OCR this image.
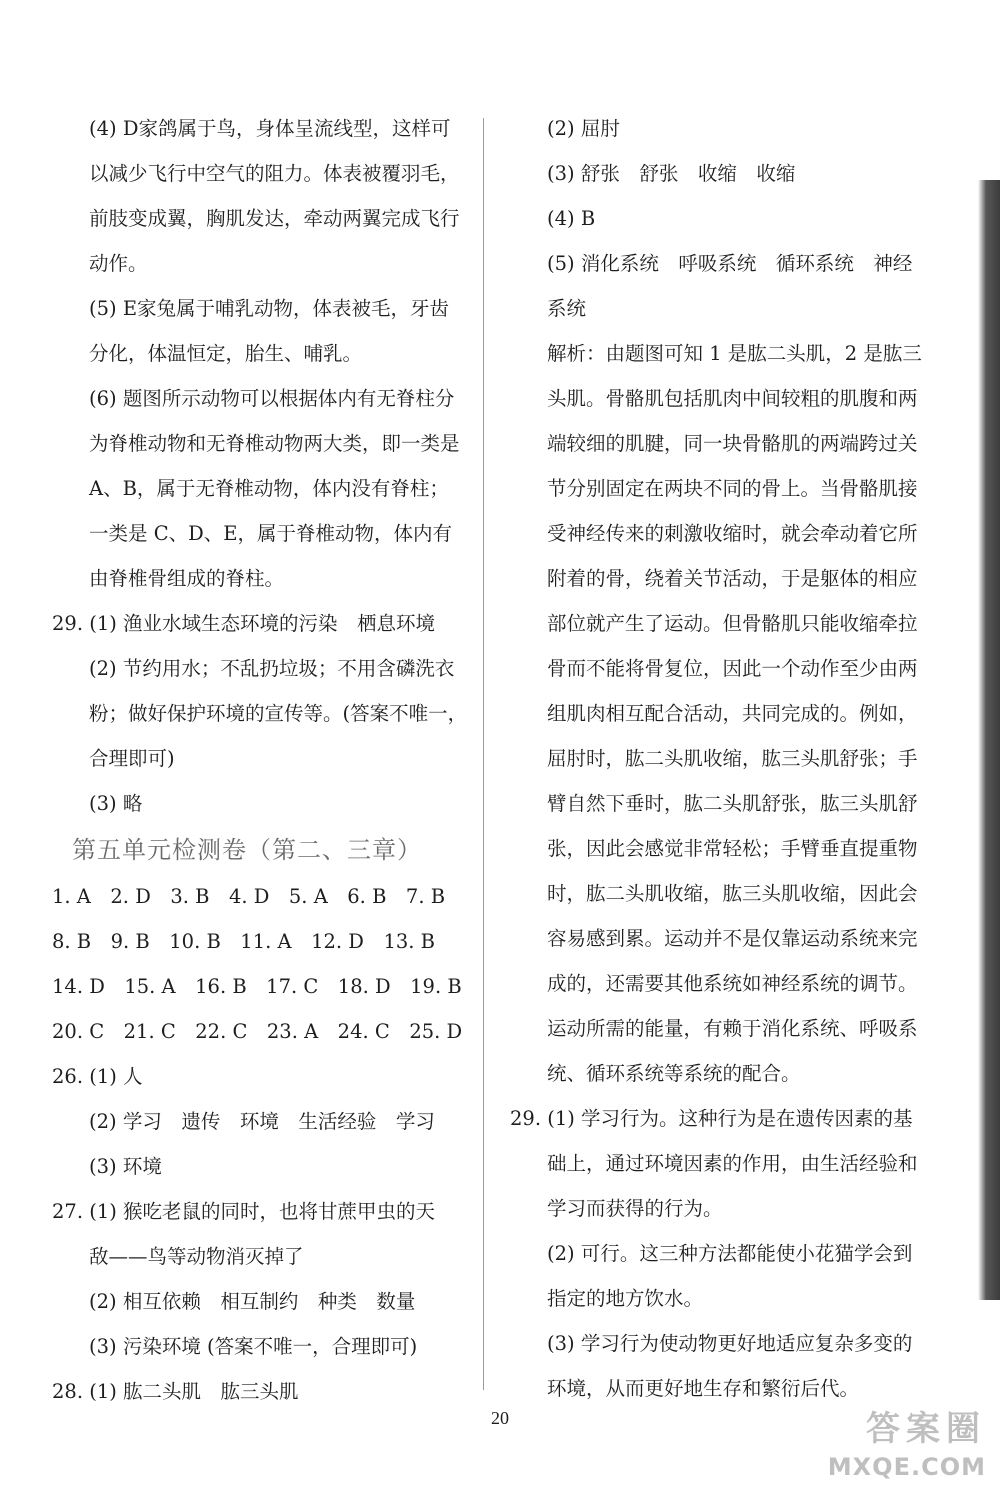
(4) D家鸽属于鸟，身体呈流线型，这样可
以减少飞行中空气的阻力。体表被覆羽毛，
前肢变成翼，胸肌发达，牵动两翼完成飞行
动作。
(5) E家兔属于哺乳动物，体表被毛，牙齿
分化，体温恒定，胎生、哺乳。
(6) 题图所示动物可以根据体内有无脊柱分
为脊椎动物和无脊椎动物两大类，即一类是
A、B，属于无脊椎动物，体内没有脊柱；
一类是 C、D、E，属于脊椎动物，体内有
由脊椎骨组成的脊柱。
29. (1) 渔业水域生态环境的污染　栖息环境
(2) 节约用水；不乱扔垃圾；不用含磷洗衣
粉；做好保护环境的宣传等。(答案不唯一，
合理即可)
(3) 略
第五单元检测卷（第二、三章）
1. A　2. D　3. B　4. D　5. A　6. B　7. B
8. B　9. B　10. B　11. A　12. D　13. B
14. D　15. A　16. B　17. C　18. D　19. B
20. C　21. C　22. C　23. A　24. C　25. D
26. (1) 人
(2) 学习　遗传　环境　生活经验　学习
(3) 环境
27. (1) 猴吃老鼠的同时，也将甘蔗甲虫的天
敌——鸟等动物消灭掉了
(2) 相互依赖　相互制约　种类　数量
(3) 污染环境 (答案不唯一，合理即可)
28. (1) 肱二头肌　肱三头肌
(2) 屈肘
(3) 舒张　舒张　收缩　收缩
(4) B
(5) 消化系统　呼吸系统　循环系统　神经
系统
解析：由题图可知 1 是肱二头肌，2 是肱三
头肌。骨骼肌包括肌肉中间较粗的肌腹和两
端较细的肌腱，同一块骨骼肌的两端跨过关
节分别固定在两块不同的骨上。当骨骼肌接
受神经传来的刺激收缩时，就会牵动着它所
附着的骨，绕着关节活动，于是躯体的相应
部位就产生了运动。但骨骼肌只能收缩牵拉
骨而不能将骨复位，因此一个动作至少由两
组肌肉相互配合活动，共同完成的。例如，
屈肘时，肱二头肌收缩，肱三头肌舒张；手
臂自然下垂时，肱二头肌舒张，肱三头肌舒
张，因此会感觉非常轻松；手臂垂直提重物
时，肱二头肌收缩，肱三头肌收缩，因此会
容易感到累。运动并不是仅靠运动系统来完
成的，还需要其他系统如神经系统的调节。
运动所需的能量，有赖于消化系统、呼吸系
统、循环系统等系统的配合。
29. (1) 学习行为。这种行为是在遗传因素的基
础上，通过环境因素的作用，由生活经验和
学习而获得的行为。
(2) 可行。这三种方法都能使小花猫学会到
指定的地方饮水。
(3) 学习行为使动物更好地适应复杂多变的
环境，从而更好地生存和繁衍后代。
20	答案圈
MXQE.COM
